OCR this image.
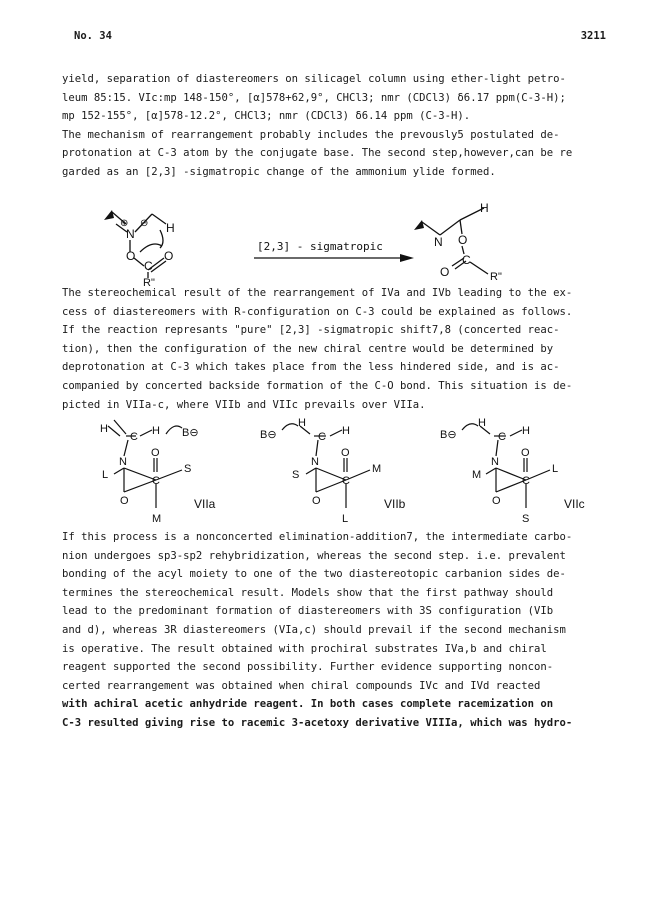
No. 34	3211
yield, separation of diastereomers on silicagel column using ether-light petro-
leum 85:15. VIc:mp 148-150°, [α]578+62,9°, CHCl3; nmr (CDCl3) δ6.17 ppm(C-3-H);
mp 152-155°, [α]578-12.2°, CHCl3; nmr (CDCl3) δ6.14 ppm (C-3-H).
The mechanism of rearrangement probably includes the prevously5 postulated de-
protonation at C-3 atom by the conjugate base. The second step,however,can be re
garded as an [2,3] -sigmatropic change of the ammonium ylide formed.
N
⊕ ⊖ H
O
C
O
R"
[2,3] - sigmatropic	N
H
O
C
O	R"
The stereochemical result of the rearrangement of IVa and IVb leading to the ex-
cess of diastereomers with R-configuration on C-3 could be explained as follows.
If the reaction represants "pure" [2,3] -sigmatropic shift7,8 (concerted reac-
tion), then the configuration of the new chiral centre would be determined by
deprotonation at C-3 which takes place from the less hindered side, and is ac-
companied by concerted backside formation of the C-O bond. This situation is de-
picted in VIIa-c, where VIIb and VIIc prevails over VIIa.
H
C H B⊖
N
O
O
C
L	S
M
VIIa
B⊖
H
C H
N
O
O
C
S	M
L
VIIb
B⊖
H
C H
N
O
O
C
M	L
S
VIIc
If this process is a nonconcerted elimination-addition7, the intermediate carbo-
nion undergoes sp3-sp2 rehybridization, whereas the second step. i.e. prevalent
bonding of the acyl moiety to one of the two diastereotopic carbanion sides de-
termines the stereochemical result. Models show that the first pathway should
lead to the predominant formation of diastereomers with 3S configuration (VIb
and d), whereas 3R diastereomers (VIa,c) should prevail if the second mechanism
is operative. The result obtained with prochiral substrates IVa,b and chiral
reagent supported the second possibility. Further evidence supporting noncon-
certed rearrangement was obtained when chiral compounds IVc and IVd reacted
with achiral acetic anhydride reagent. In both cases complete racemization on
C-3 resulted giving rise to racemic 3-acetoxy derivative VIIIa, which was hydro-
